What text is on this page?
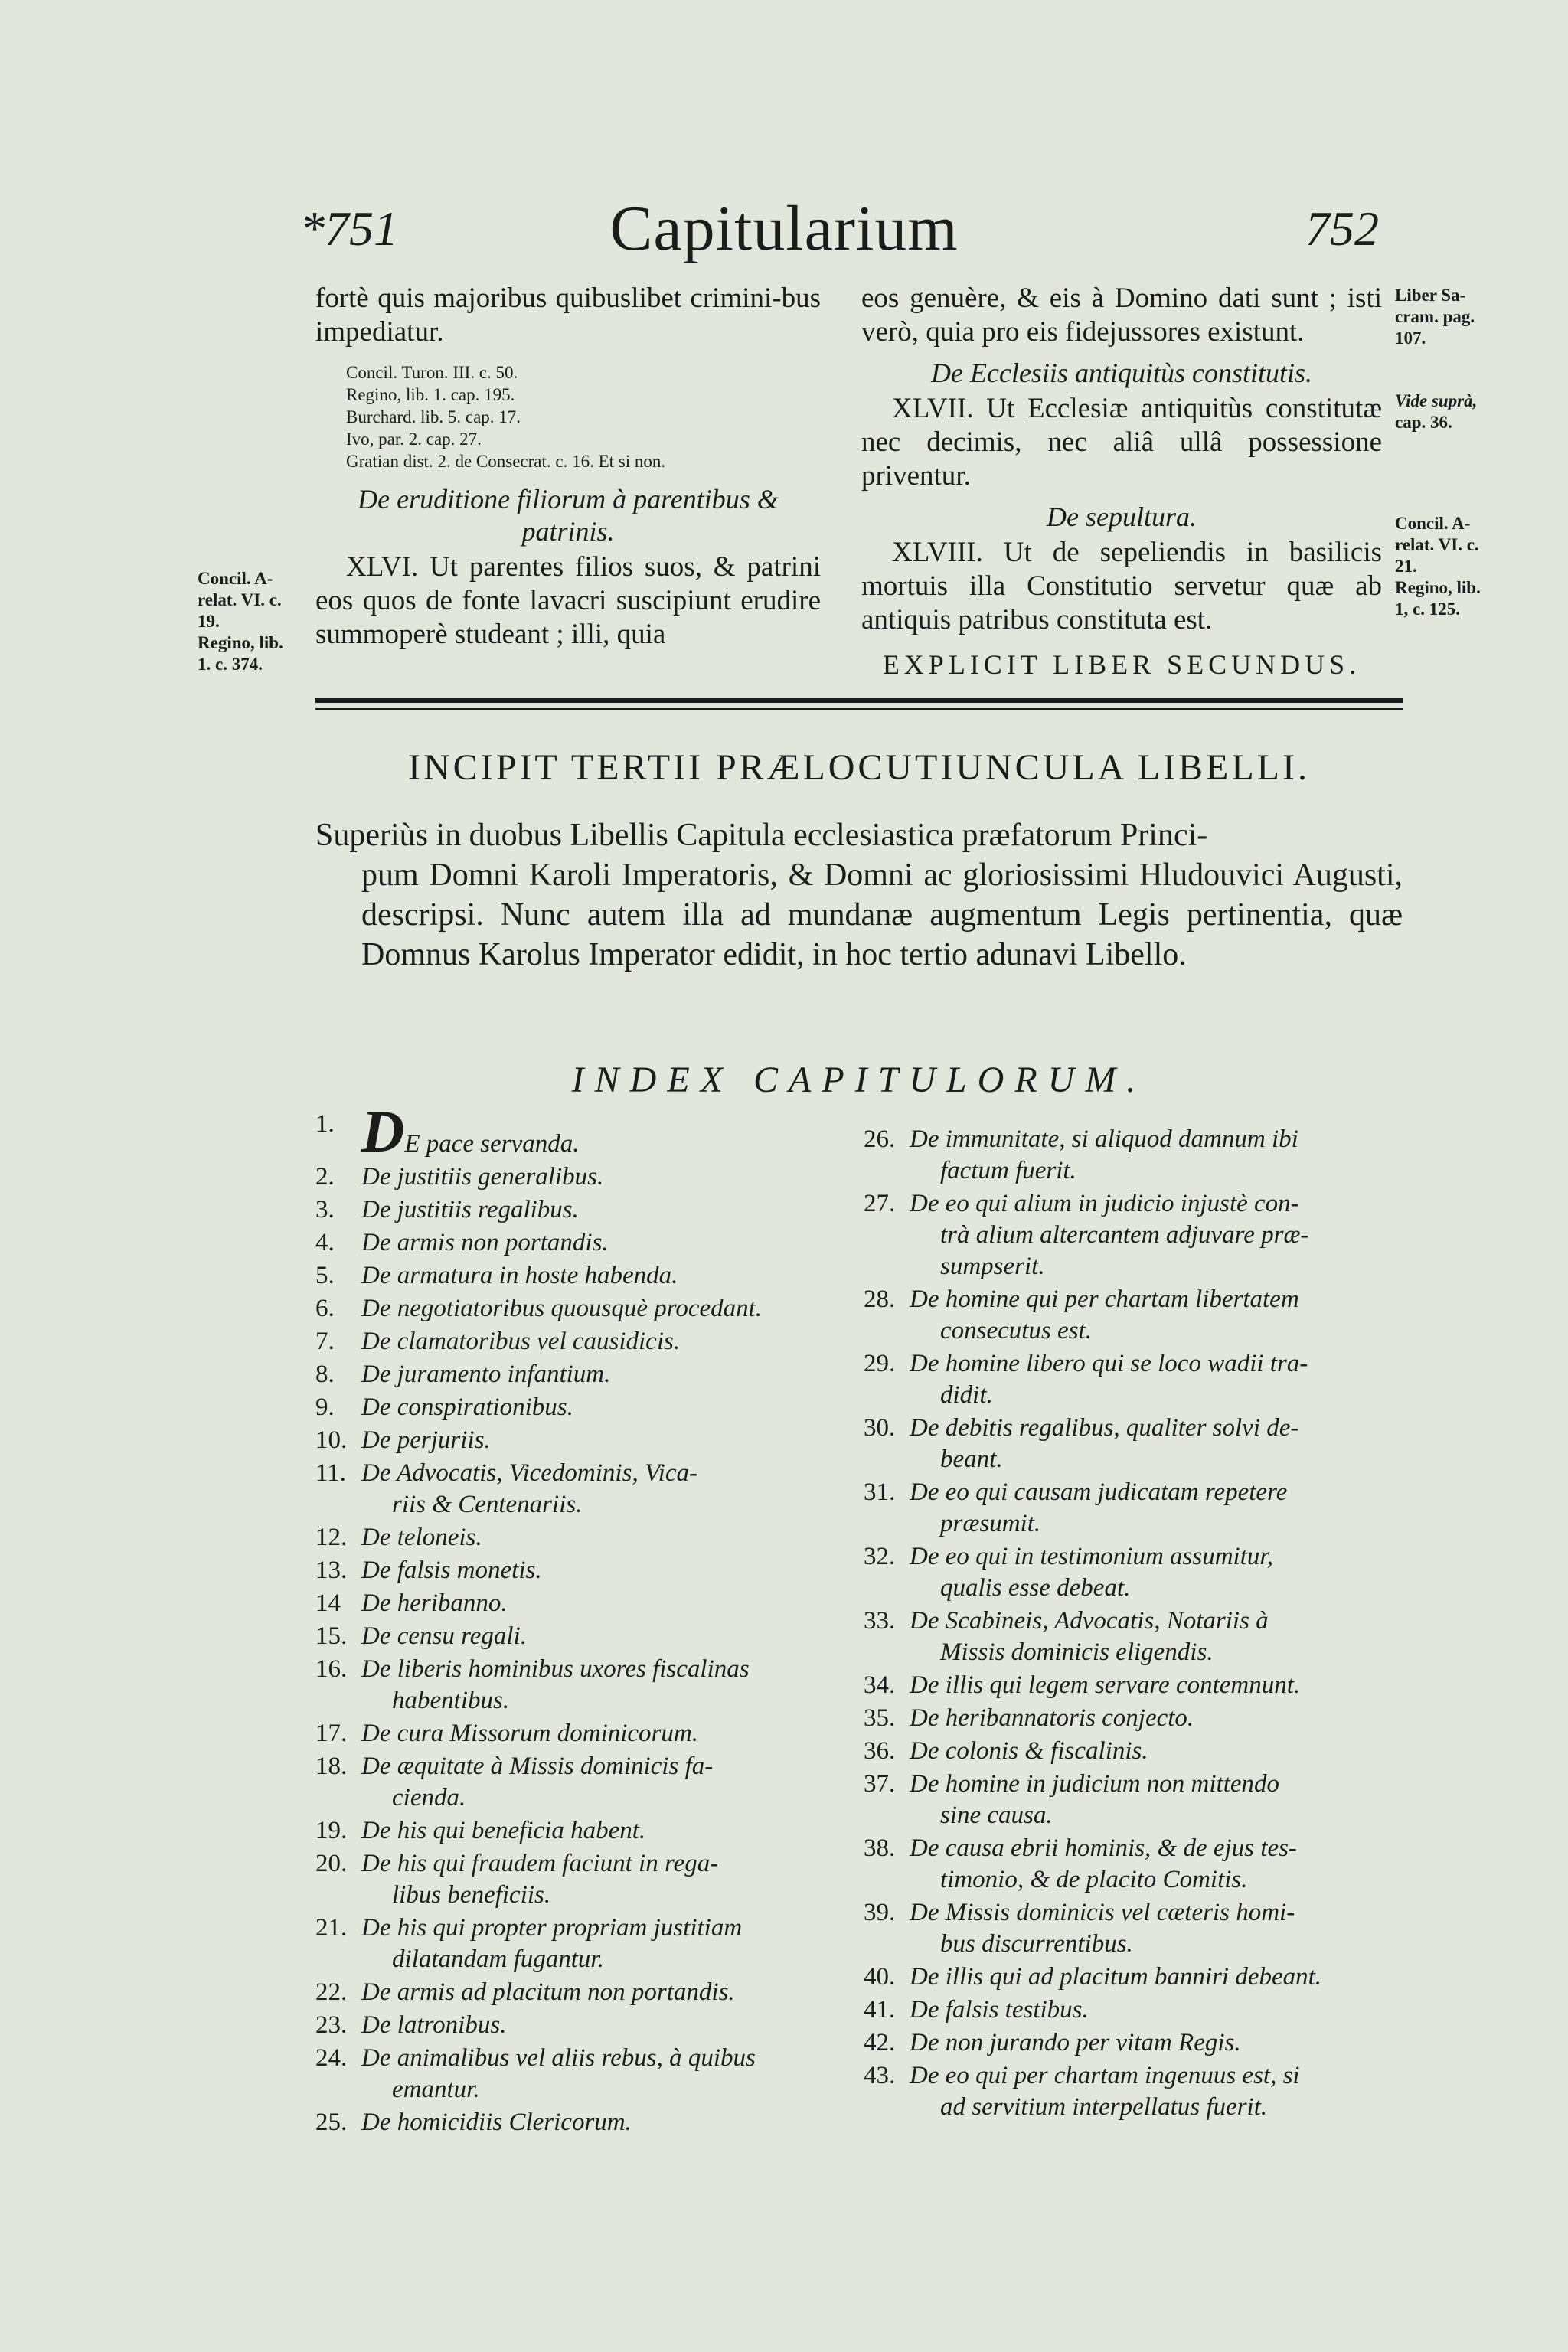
*751	Capitularium	752

fortè quis majoribus quibuslibet crimini-bus impediatur.

Concil. Turon. III. c. 50.
Regino, lib. 1. cap. 195.
Burchard. lib. 5. cap. 17.
Ivo, par. 2. cap. 27.
Gratian dist. 2. de Consecrat. c. 16. Et si non.
De eruditione filiorum à parentibus & patrinis.

XLVI. Ut parentes filios suos, & patrini eos quos de fonte lavacri suscipiunt erudire summoperè studeant ; illi, quia

eos genuère, & eis à Domino dati sunt ; isti verò, quia pro eis fidejussores existunt.

De Ecclesiis antiquitùs constitutis.

XLVII. Ut Ecclesiæ antiquitùs constitutæ nec decimis, nec aliâ ullâ possessione priventur.

De sepultura.

XLVIII. Ut de sepeliendis in basilicis mortuis illa Constitutio servetur quæ ab antiquis patribus constituta est.

EXPLICIT LIBER SECUNDUS.
Concil. A-
relat. VI. c.
19.
Regino, lib.
1. c. 374.
Liber Sa-
cram. pag.
107.
Vide suprà,
cap. 36.
Concil. A-
relat. VI. c.
21.
Regino, lib.
1, c. 125.
INCIPIT TERTII PRÆLOCUTIUNCULA LIBELLI.
Superiùs in duobus Libellis Capitula ecclesiastica præfatorum Princi-
pum Domni Karoli Imperatoris, & Domni ac gloriosissimi Hludouvici Augusti, descripsi. Nunc autem illa ad mundanæ augmentum Legis pertinentia, quæ Domnus Karolus Imperator edidit, in hoc tertio adunavi Libello.
INDEX CAPITULORUM.
1. DE pace servanda.
2.	De justitiis generalibus.
3.	De justitiis regalibus.
4.	De armis non portandis.
5.	De armatura in hoste habenda.
6.	De negotiatoribus quousquè procedant.
7.	De clamatoribus vel causidicis.
8.	De juramento infantium.
9.	De conspirationibus.
10. De perjuriis.
11. De Advocatis, Vicedominis, Vica-
riis & Centenariis.
12. De teloneis.
13. De falsis monetis.
14 De heribanno.
15. De censu regali.
16. De liberis hominibus uxores fiscalinas
habentibus.
17. De cura Missorum dominicorum.
18. De æquitate à Missis dominicis fa-
cienda.
19. De his qui beneficia habent.
20. De his qui fraudem faciunt in rega-
libus beneficiis.
21. De his qui propter propriam justitiam
dilatandam fugantur.
22. De armis ad placitum non portandis.
23. De latronibus.
24. De animalibus vel aliis rebus, à quibus
emantur.
25. De homicidiis Clericorum.
26. De immunitate, si aliquod damnum ibi
factum fuerit.
27. De eo qui alium in judicio injustè con-
trà alium altercantem adjuvare præ-
sumpserit.
28. De homine qui per chartam libertatem
consecutus est.
29. De homine libero qui se loco wadii tra-
didit.
30. De debitis regalibus, qualiter solvi de-
beant.
31. De eo qui causam judicatam repetere
præsumit.
32. De eo qui in testimonium assumitur,
qualis esse debeat.
33. De Scabineis, Advocatis, Notariis à
Missis dominicis eligendis.
34. De illis qui legem servare contemnunt.
35. De heribannatoris conjecto.
36. De colonis & fiscalinis.
37. De homine in judicium non mittendo
sine causa.
38. De causa ebrii hominis, & de ejus tes-
timonio, & de placito Comitis.
39. De Missis dominicis vel cæteris homi-
bus discurrentibus.
40. De illis qui ad placitum banniri debeant.
41. De falsis testibus.
42. De non jurando per vitam Regis.
43. De eo qui per chartam ingenuus est, si
ad servitium interpellatus fuerit.
